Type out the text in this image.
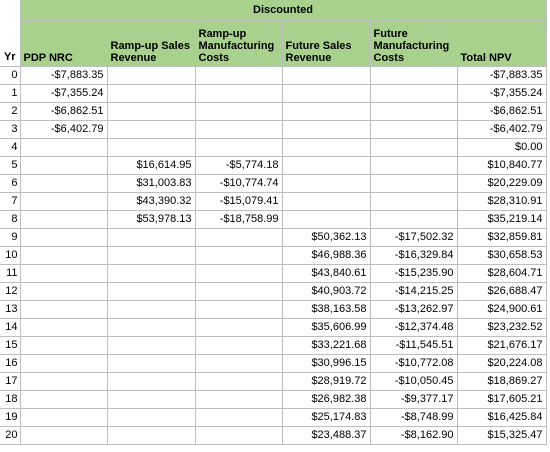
	Discounted					
Yr	PDP NRC	Ramp-up Sales Revenue	Ramp-up Manufacturing Costs	Future Sales Revenue	Future Manufacturing Costs	Total NPV
0	-$7,883.35					-$7,883.35
1	-$7,355.24					-$7,355.24
2	-$6,862.51					-$6,862.51
3	-$6,402.79					-$6,402.79
4						$0.00
5		$16,614.95	-$5,774.18			$10,840.77
6		$31,003.83	-$10,774.74			$20,229.09
7		$43,390.32	-$15,079.41			$28,310.91
8		$53,978.13	-$18,758.99			$35,219.14
9				$50,362.13	-$17,502.32	$32,859.81
10				$46,988.36	-$16,329.84	$30,658.53
11				$43,840.61	-$15,235.90	$28,604.71
12				$40,903.72	-$14,215.25	$26,688.47
13				$38,163.58	-$13,262.97	$24,900.61
14				$35,606.99	-$12,374.48	$23,232.52
15				$33,221.68	-$11,545.51	$21,676.17
16				$30,996.15	-$10,772.08	$20,224.08
17				$28,919.72	-$10,050.45	$18,869.27
18				$26,982.38	-$9,377.17	$17,605.21
19				$25,174.83	-$8,748.99	$16,425.84
20				$23,488.37	-$8,162.90	$15,325.47
